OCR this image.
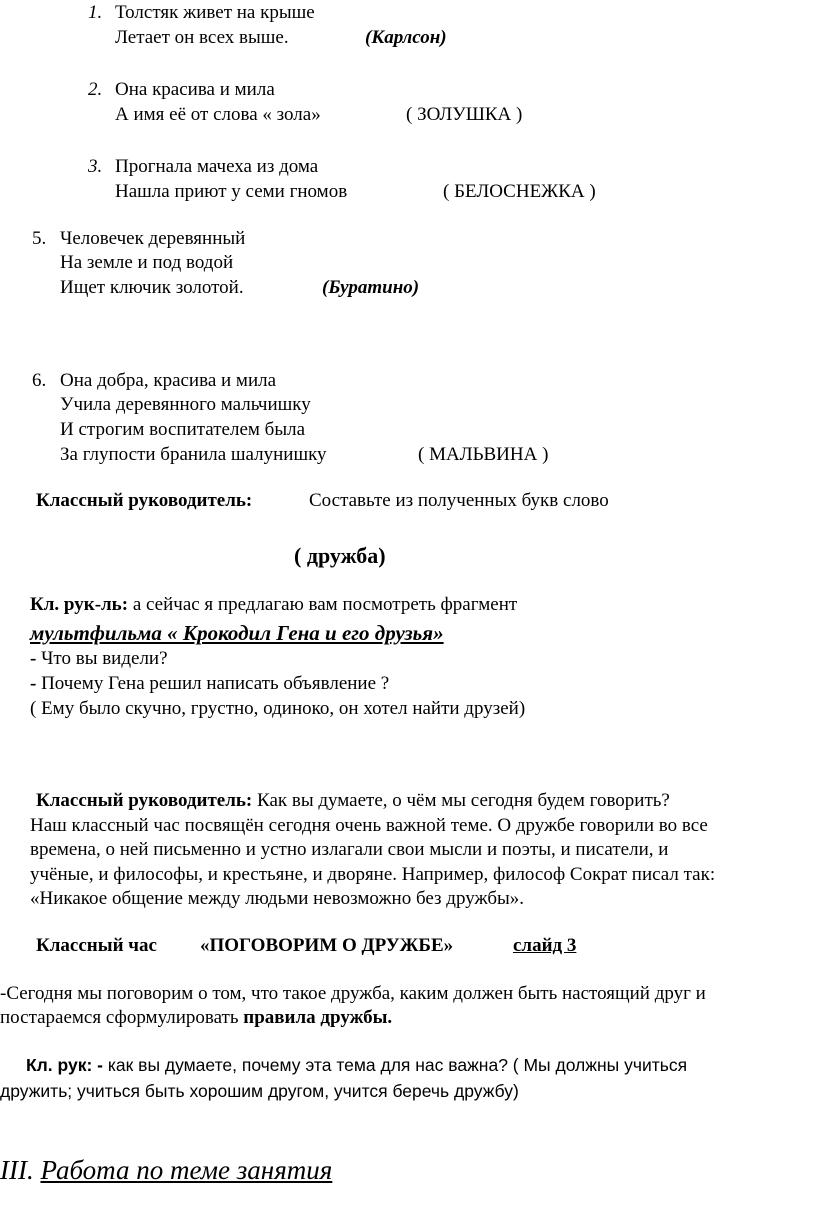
1. Толстяк живет на крыше
Летает он всех выше.	(Карлсон)
2. Она красива и мила
А имя её от слова « зола»	( ЗОЛУШКА )
3. Прогнала мачеха из дома
Нашла приют у семи гномов	( БЕЛОСНЕЖКА )
5. Человечек деревянный
На земле и под водой
Ищет ключик золотой.	(Буратино)
6. Она добра, красива и мила
Учила деревянного мальчишку
И строгим воспитателем была
За глупости бранила шалунишку	( МАЛЬВИНА )
Классный руководитель:	Составьте из полученных букв слово
( дружба)
Кл. рук-ль: а сейчас я предлагаю вам посмотреть фрагмент
мультфильма « Крокодил Гена и его друзья»
- Что вы видели?
- Почему Гена решил написать объявление ?
( Ему было скучно, грустно, одиноко, он хотел найти друзей)
Классный руководитель: Как вы думаете, о чём мы сегодня будем говорить?
Наш классный час посвящён сегодня очень важной теме. О дружбе говорили во все
времена, о ней письменно и устно излагали свои мысли и поэты, и писатели, и
учёные, и философы, и крестьяне, и дворяне. Например, философ Сократ писал так:
«Никакое общение между людьми невозможно без дружбы».
Классный час «ПОГОВОРИМ О ДРУЖБЕ»	слайд 3
-Сегодня мы поговорим о том, что такое дружба, каким должен быть настоящий друг и
постараемся сформулировать правила дружбы.
Кл. рук: - как вы думаете, почему эта тема для нас важна? ( Мы должны учиться
дружить; учиться быть хорошим другом, учится беречь дружбу)
III. Работа по теме занятия
